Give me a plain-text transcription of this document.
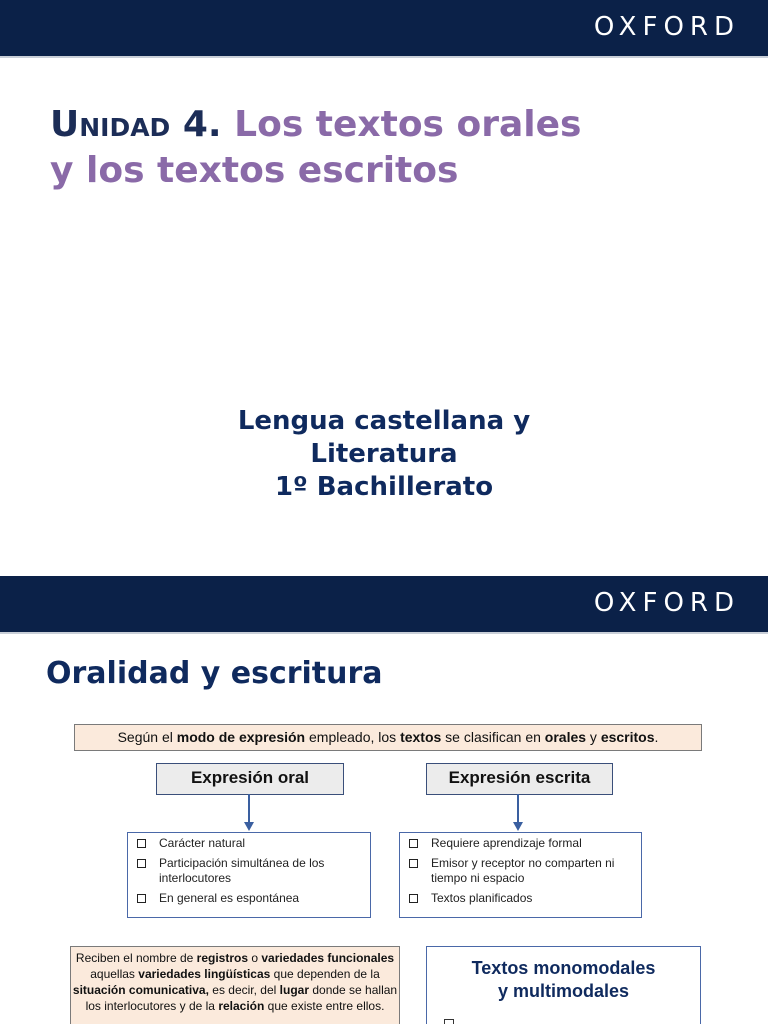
OXFORD
Unidad 4. Los textos orales
y los textos escritos
Lengua castellana y
Literatura
1º Bachillerato
OXFORD
Oralidad y escritura
Según el modo de expresión empleado, los textos se clasifican en orales y escritos.
Expresión oral
Carácter natural
Participación simultánea de los interlocutores
En general es espontánea
Expresión escrita
Requiere aprendizaje formal
Emisor y receptor no comparten ni tiempo ni espacio
Textos planificados
Reciben el nombre de registros o variedades funcionales aquellas variedades lingüísticas que dependen de la situación comunicativa, es decir, del lugar donde se hallan los interlocutores y de la relación que existe entre ellos.
Textos monomodales
y multimodales
